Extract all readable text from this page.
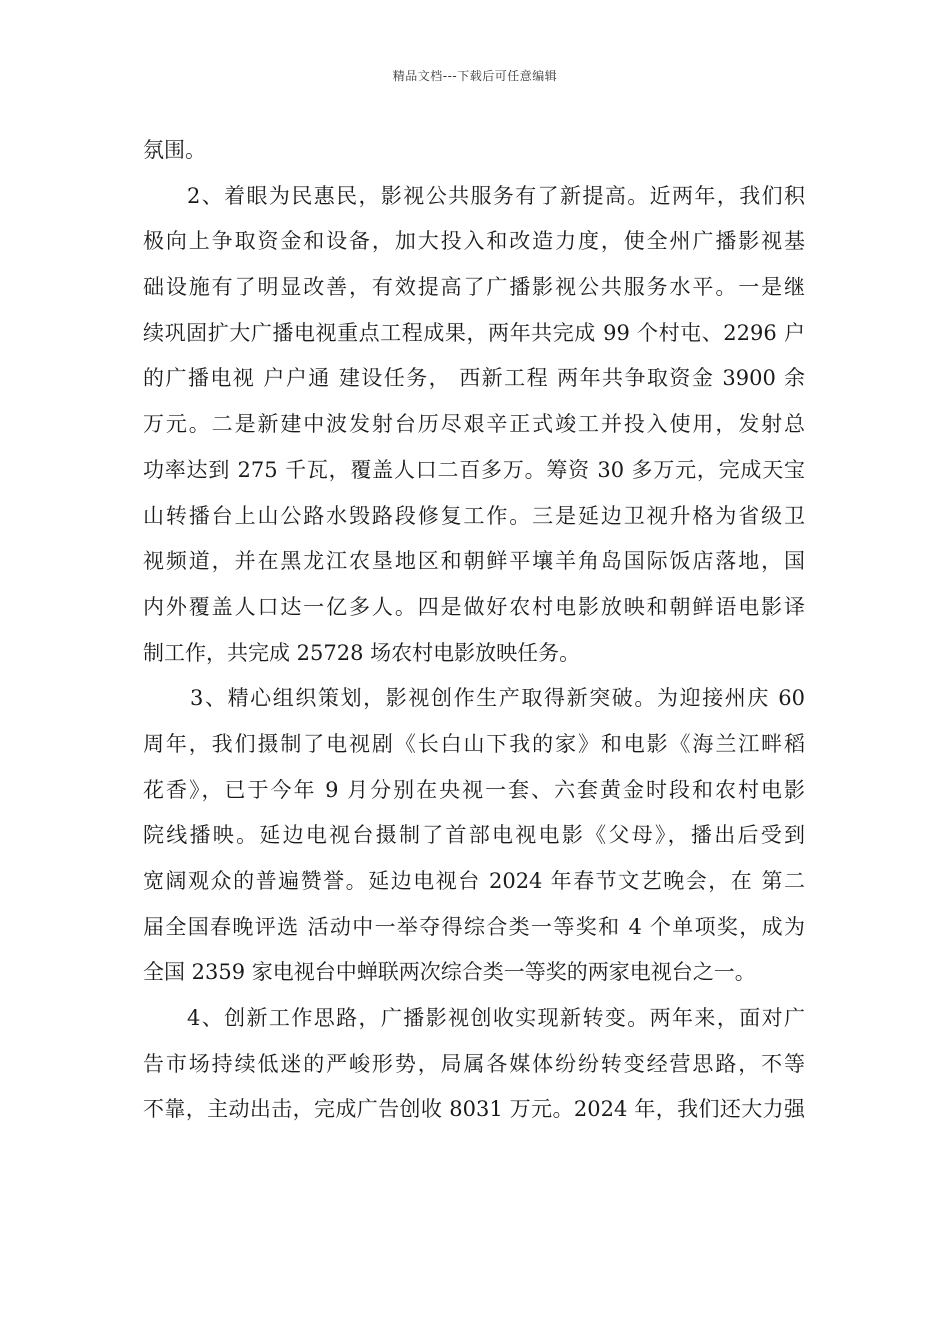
精品文档---下载后可任意编辑
氛围。
2、着眼为民惠民，影视公共服务有了新提高。近两年，我们积
极向上争取资金和设备，加大投入和改造力度，使全州广播影视基
础设施有了明显改善，有效提高了广播影视公共服务水平。一是继
续巩固扩大广播电视重点工程成果，两年共完成 99 个村屯、2296 户
的广播电视 户户通 建设任务， 西新工程 两年共争取资金 3900 余
万元。二是新建中波发射台历尽艰辛正式竣工并投入使用，发射总
功率达到 275 千瓦，覆盖人口二百多万。筹资 30 多万元，完成天宝
山转播台上山公路水毁路段修复工作。三是延边卫视升格为省级卫
视频道，并在黑龙江农垦地区和朝鲜平壤羊角岛国际饭店落地，国
内外覆盖人口达一亿多人。四是做好农村电影放映和朝鲜语电影译
制工作，共完成 25728 场农村电影放映任务。
3、精心组织策划，影视创作生产取得新突破。为迎接州庆 60
周年，我们摄制了电视剧《长白山下我的家》和电影《海兰江畔稻
花香》，已于今年 9 月分别在央视一套、六套黄金时段和农村电影
院线播映。延边电视台摄制了首部电视电影《父母》，播出后受到
宽阔观众的普遍赞誉。延边电视台 2024 年春节文艺晚会，在 第二
届全国春晚评选 活动中一举夺得综合类一等奖和 4 个单项奖，成为
全国 2359 家电视台中蝉联两次综合类一等奖的两家电视台之一。
4、创新工作思路，广播影视创收实现新转变。两年来，面对广
告市场持续低迷的严峻形势，局属各媒体纷纷转变经营思路，不等
不靠，主动出击，完成广告创收 8031 万元。2024 年，我们还大力强
